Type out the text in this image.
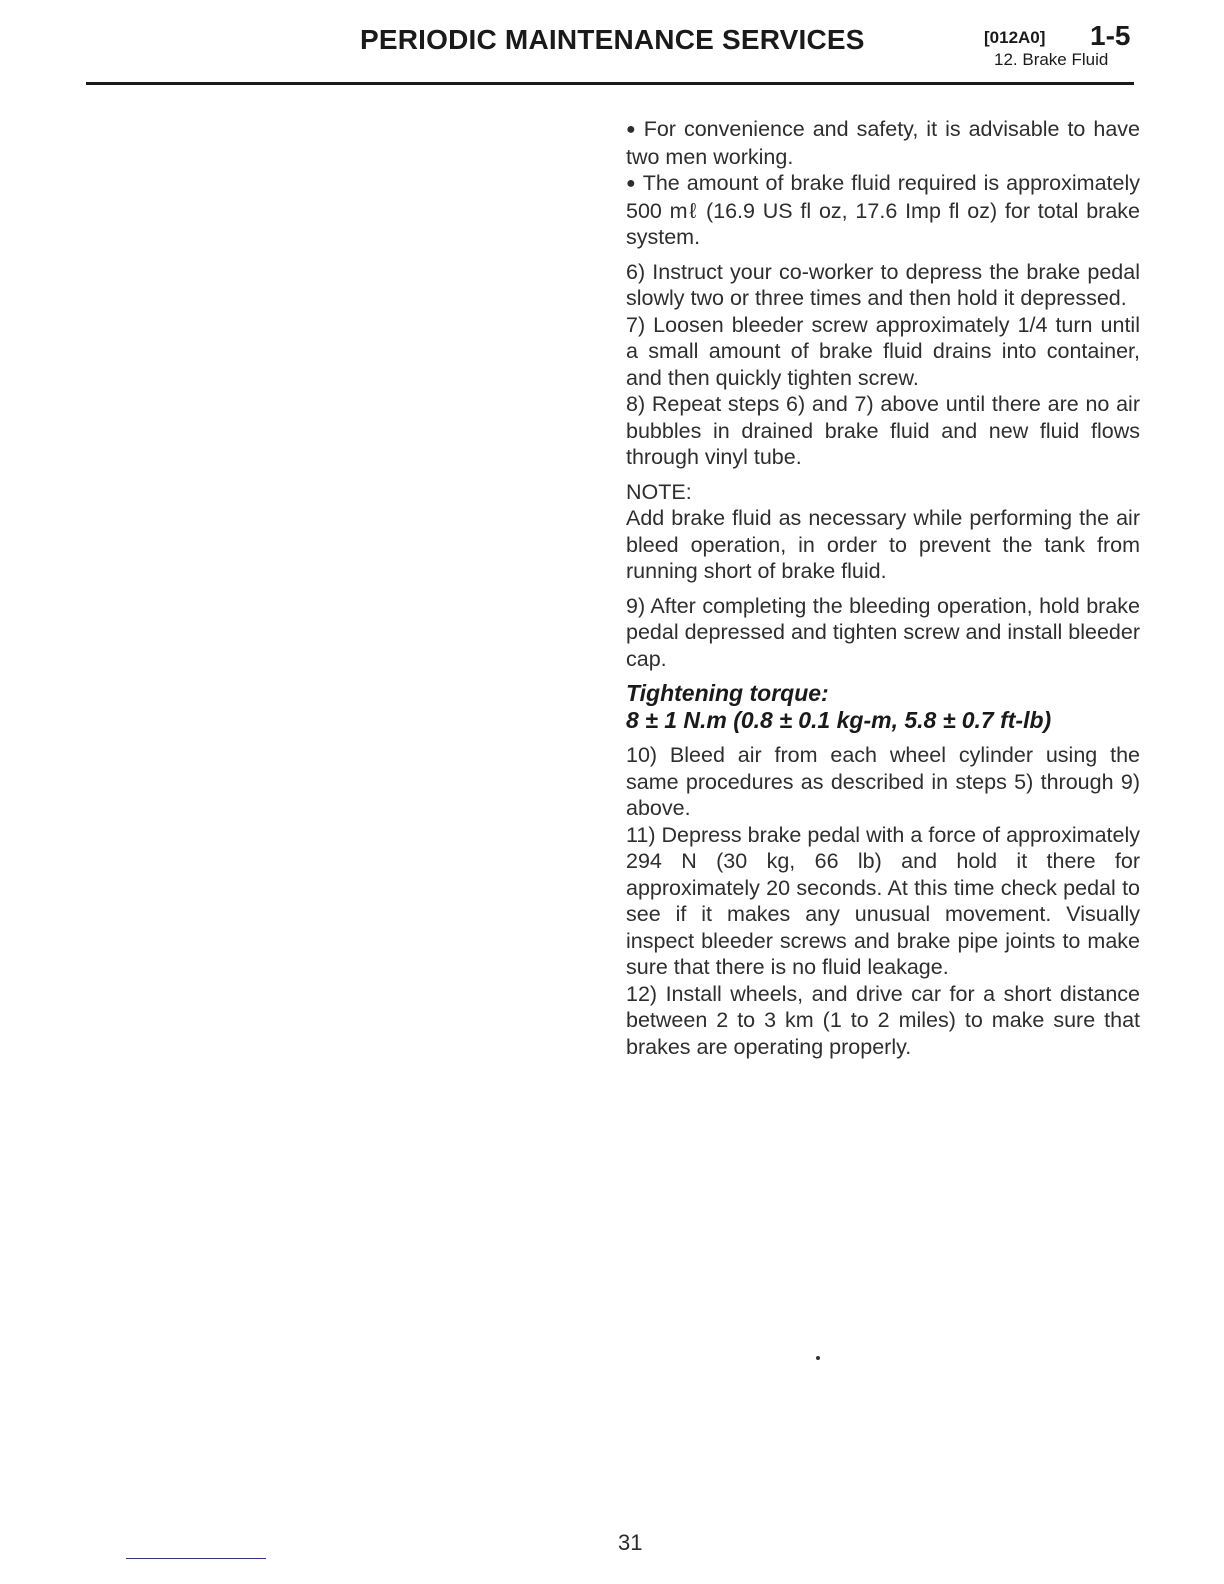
PERIODIC MAINTENANCE SERVICES	[012A0] 1-5
12. Brake Fluid

● For convenience and safety, it is advisable to have two men working.

● The amount of brake fluid required is approximately 500 mℓ (16.9 US fl oz, 17.6 Imp fl oz) for total brake system.

6) Instruct your co-worker to depress the brake pedal slowly two or three times and then hold it depressed.

7) Loosen bleeder screw approximately 1/4 turn until a small amount of brake fluid drains into container, and then quickly tighten screw.

8) Repeat steps 6) and 7) above until there are no air bubbles in drained brake fluid and new fluid flows through vinyl tube.

NOTE:

Add brake fluid as necessary while performing the air bleed operation, in order to prevent the tank from running short of brake fluid.

9) After completing the bleeding operation, hold brake pedal depressed and tighten screw and install bleeder cap.

Tightening torque:

8 ± 1 N.m (0.8 ± 0.1 kg-m, 5.8 ± 0.7 ft-lb)

10) Bleed air from each wheel cylinder using the same procedures as described in steps 5) through 9) above.

11) Depress brake pedal with a force of approximately 294 N (30 kg, 66 lb) and hold it there for approximately 20 seconds. At this time check pedal to see if it makes any unusual movement. Visually inspect bleeder screws and brake pipe joints to make sure that there is no fluid leakage.

12) Install wheels, and drive car for a short distance between 2 to 3 km (1 to 2 miles) to make sure that brakes are operating properly.

31
